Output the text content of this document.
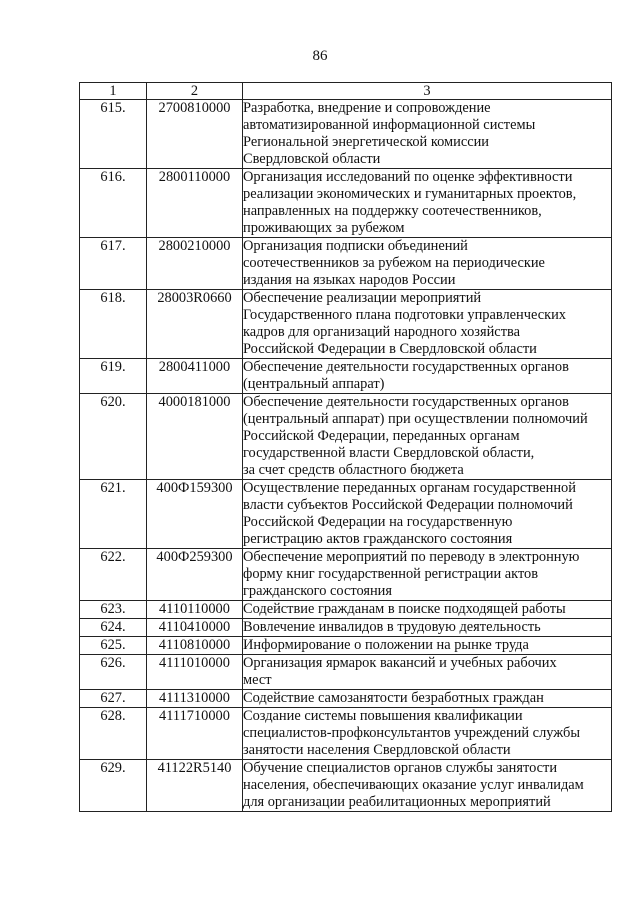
86
1	2	3
615.	2700810000	Разработка, внедрение и сопровождение
автоматизированной информационной системы
Региональной энергетической комиссии
Свердловской области

616.	2800110000	Организация исследований по оценке эффективности
реализации экономических и гуманитарных проектов,
направленных на поддержку соотечественников,
проживающих за рубежом

617.	2800210000	Организация подписки объединений
соотечественников за рубежом на периодические
издания на языках народов России

618.	28003R0660	Обеспечение реализации мероприятий
Государственного плана подготовки управленческих
кадров для организаций народного хозяйства
Российской Федерации в Свердловской области

619.	2800411000	Обеспечение деятельности государственных органов
(центральный аппарат)

620.	4000181000	Обеспечение деятельности государственных органов
(центральный аппарат) при осуществлении полномочий
Российской Федерации, переданных органам
государственной власти Свердловской области,
за счет средств областного бюджета

621.	400Ф159300	Осуществление переданных органам государственной
власти субъектов Российской Федерации полномочий
Российской Федерации на государственную
регистрацию актов гражданского состояния

622.	400Ф259300	Обеспечение мероприятий по переводу в электронную
форму книг государственной регистрации актов
гражданского состояния

623.	4110110000	Содействие гражданам в поиске подходящей работы

624.	4110410000	Вовлечение инвалидов в трудовую деятельность

625.	4110810000	Информирование о положении на рынке труда

626.	4111010000	Организация ярмарок вакансий и учебных рабочих
мест

627.	4111310000	Содействие самозанятости безработных граждан

628.	4111710000	Создание системы повышения квалификации
специалистов-профконсультантов учреждений службы
занятости населения Свердловской области

629.	41122R5140	Обучение специалистов органов службы занятости
населения, обеспечивающих оказание услуг инвалидам
для организации реабилитационных мероприятий
